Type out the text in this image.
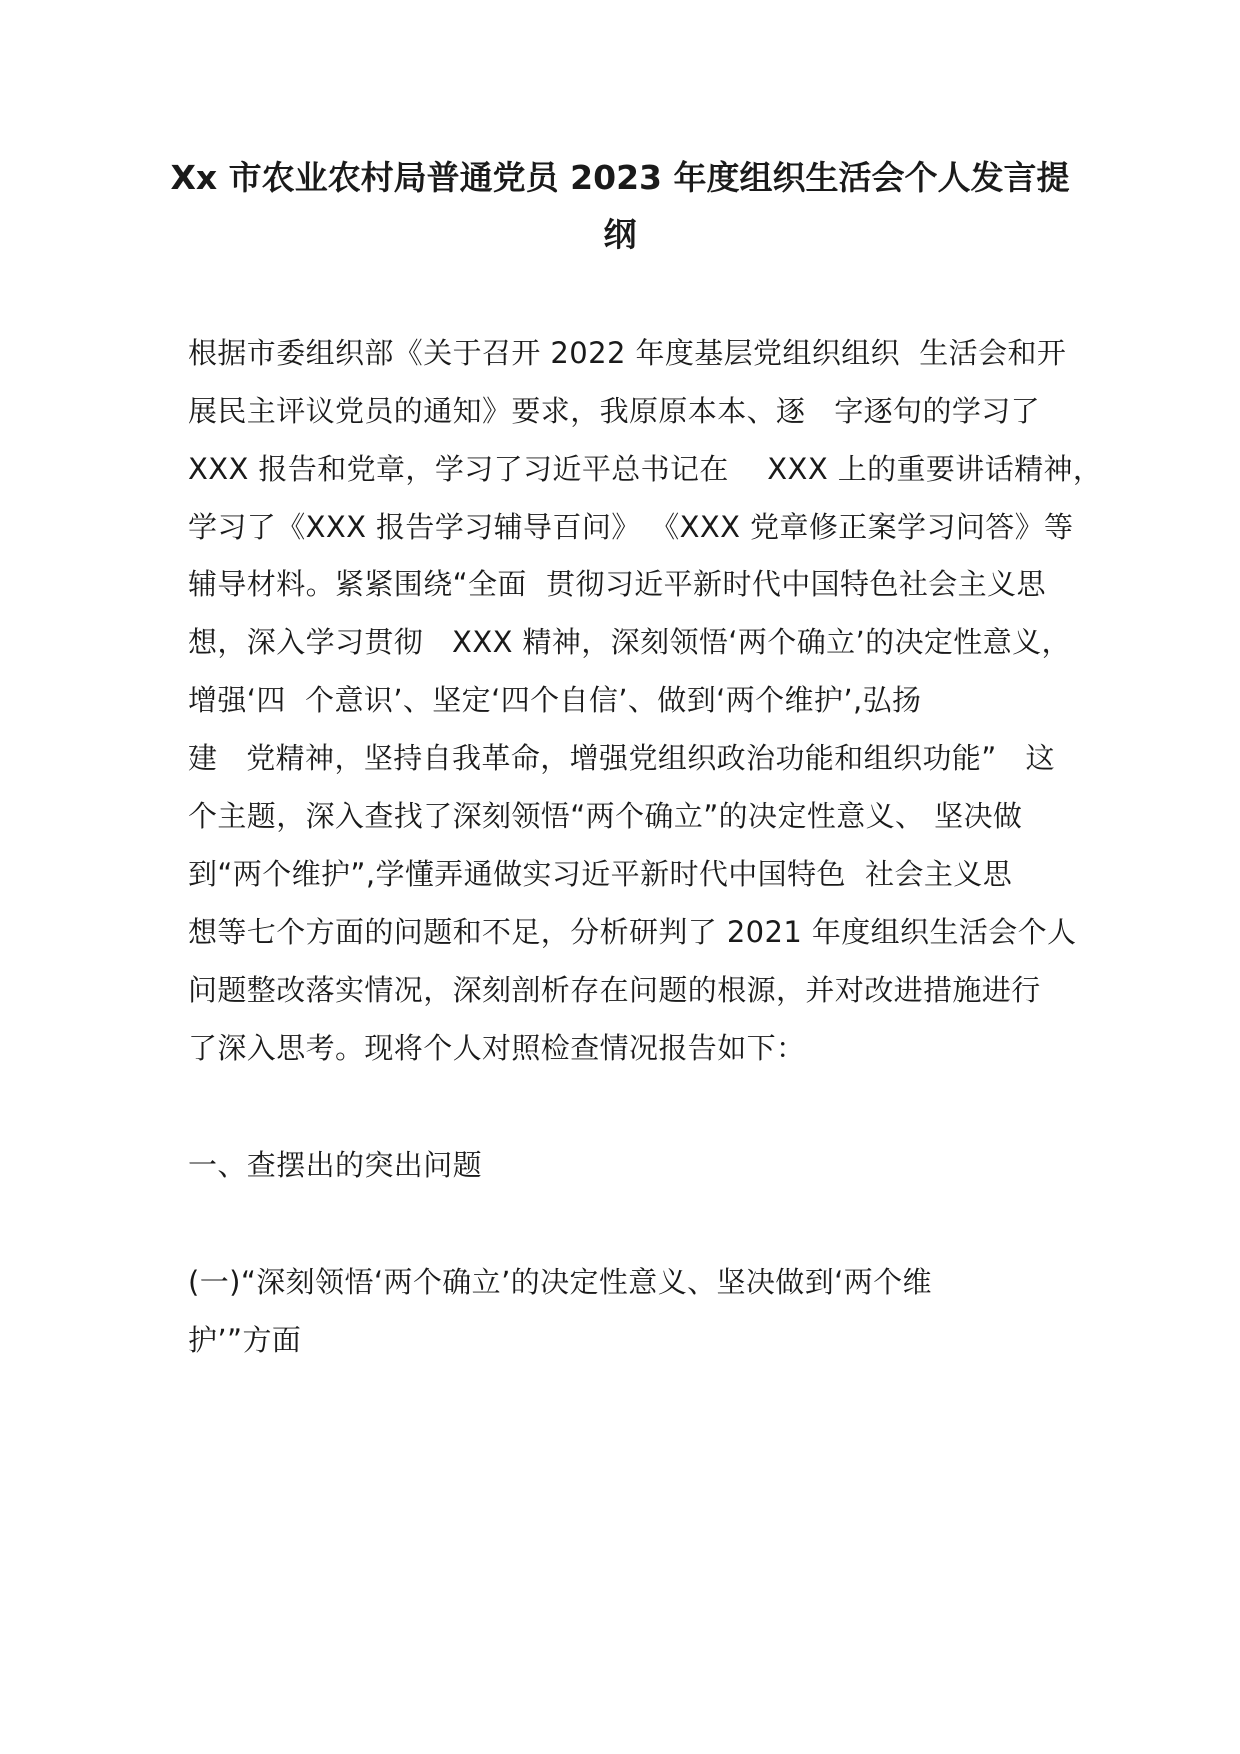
Xx 市农业农村局普通党员 2023 年度组织生活会个人发言提
纲
根据市委组织部《关于召开 2022 年度基层党组织组织  生活会和开
展民主评议党员的通知》要求，我原原本本、逐   字逐句的学习了
XXX 报告和党章，学习了习近平总书记在    XXX 上的重要讲话精神，
学习了《XXX 报告学习辅导百问》 《XXX 党章修正案学习问答》等
辅导材料。紧紧围绕“全面  贯彻习近平新时代中国特色社会主义思
想，深入学习贯彻   XXX 精神，深刻领悟‘两个确立’的决定性意义，
增强‘四  个意识’、坚定‘四个自信’、做到‘两个维护’,弘扬
建   党精神，坚持自我革命，增强党组织政治功能和组织功能”   这
个主题，深入查找了深刻领悟“两个确立”的决定性意义、 坚决做
到“两个维护”,学懂弄通做实习近平新时代中国特色  社会主义思
想等七个方面的问题和不足，分析研判了 2021 年度组织生活会个人
问题整改落实情况，深刻剖析存在问题的根源，并对改进措施进行
了深入思考。现将个人对照检查情况报告如下：
一、查摆出的突出问题
(一)“深刻领悟‘两个确立’的决定性意义、坚决做到‘两个维
护’”方面
